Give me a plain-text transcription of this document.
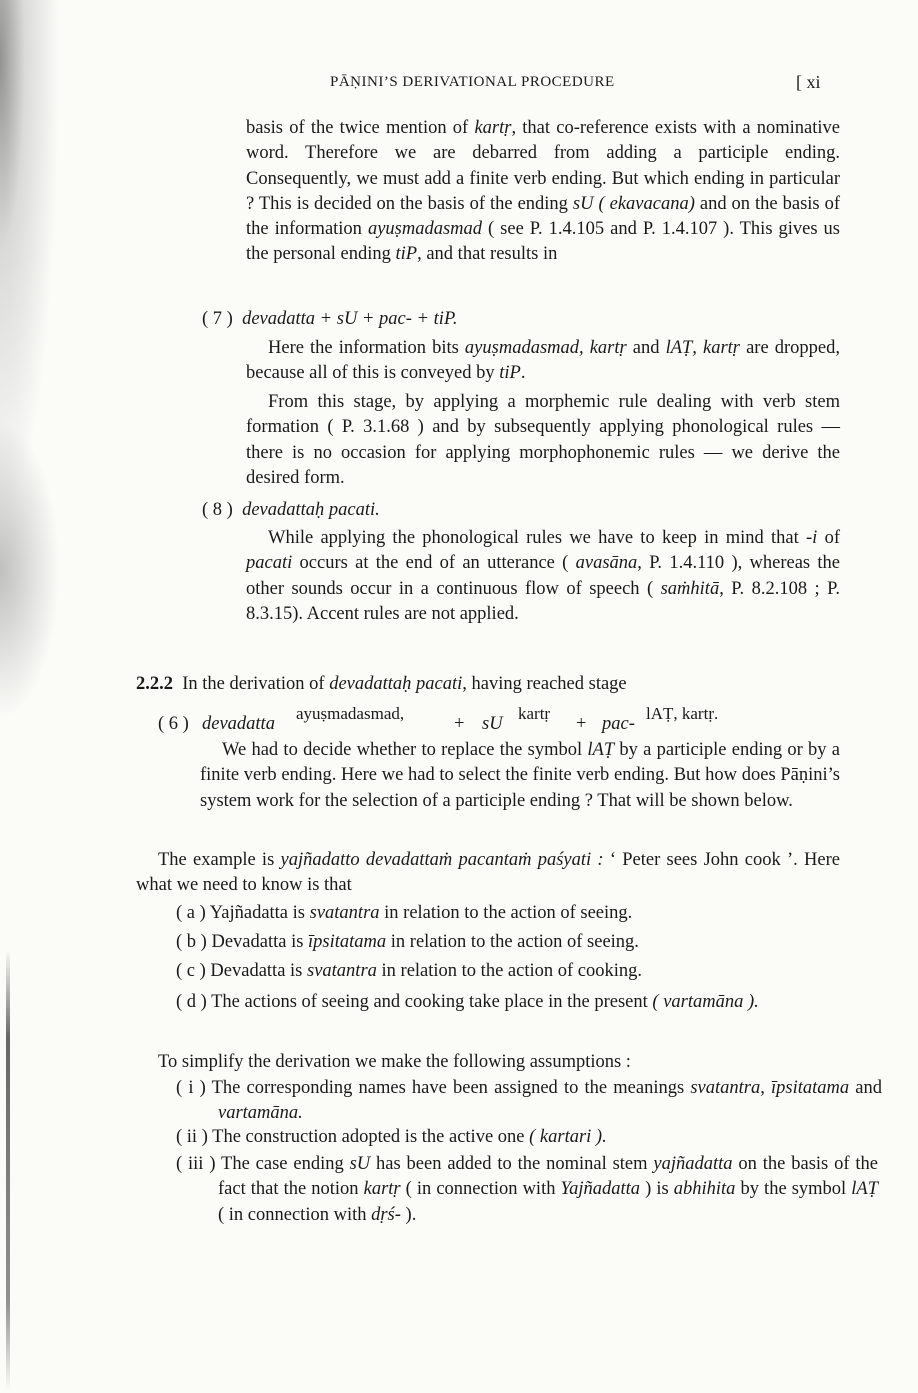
PĀṆINI’S DERIVATIONAL PROCEDURE	[ xi

basis of the twice mention of kartṛ, that co-reference exists with a nominative word. Therefore we are debarred from adding a participle ending. Consequently, we must add a finite verb ending. But which ending in particular ? This is decided on the basis of the ending sU ( ekavacana) and on the basis of the information ayuṣmadasmad ( see P. 1.4.105 and P. 1.4.107 ). This gives us the personal ending tiP, and that results in

( 7 ) devadatta + sU + pac- + tiP.

Here the information bits ayuṣmadasmad, kartṛ and lAṬ, kartṛ are dropped, because all of this is conveyed by tiP.

From this stage, by applying a morphemic rule dealing with verb stem formation ( P. 3.1.68 ) and by subsequently applying phonological rules — there is no occasion for applying morphophonemic rules — we derive the desired form.

( 8 ) devadattaḥ pacati.

While applying the phonological rules we have to keep in mind that -i of pacati occurs at the end of an utterance ( avasāna, P. 1.4.110 ), whereas the other sounds occur in a continuous flow of speech ( saṁhitā, P. 8.2.108 ; P. 8.3.15). Accent rules are not applied.

2.2.2 In the derivation of devadattaḥ pacati, having reached stage
( 6 ) devadatta
ayuṣmadasmad,
+ sU
kartṛ
+ pac-
lAṬ, kartṛ.

We had to decide whether to replace the symbol lAṬ by a participle ending or by a finite verb ending. Here we had to select the finite verb ending. But how does Pāṇini’s system work for the selection of a participle ending ? That will be shown below.

The example is yajñadatto devadattaṁ pacantaṁ paśyati : ‘ Peter sees John cook ’. Here what we need to know is that

( a ) Yajñadatta is svatantra in relation to the action of seeing.
( b ) Devadatta is īpsitatama in relation to the action of seeing.
( c ) Devadatta is svatantra in relation to the action of cooking.

( d ) The actions of seeing and cooking take place in the present ( vartamāna ).

To simplify the derivation we make the following assumptions :

( i ) The corresponding names have been assigned to the meanings svatantra, īpsitatama and vartamāna.

( ii ) The construction adopted is the active one ( kartari ).

( iii ) The case ending sU has been added to the nominal stem yajñadatta on the basis of the fact that the notion kartṛ ( in connection with Yajñadatta ) is abhihita by the symbol lAṬ ( in connection with dṛś- ).
